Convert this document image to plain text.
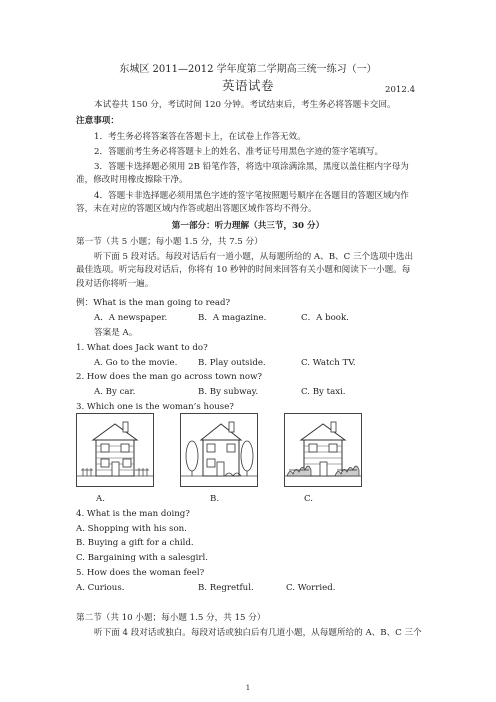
东城区 2011—2012 学年度第二学期高三统一练习（一）
英语试卷	2012.4
本试卷共 150 分，考试时间 120 分钟。考试结束后，考生务必将答题卡交回。
注意事项：
1．考生务必将答案答在答题卡上，在试卷上作答无效。
2．答题前考生务必将答题卡上的姓名、准考证号用黑色字迹的签字笔填写。
3．答题卡选择题必须用 2B 铅笔作答，将选中项涂满涂黑，黑度以盖住框内字母为准，修改时用橡皮擦除干净。
4．答题卡非选择题必须用黑色字迹的签字笔按照题号顺序在各题目的答题区域内作答，未在对应的答题区域内作答或超出答题区域作答均不得分。
第一部分：听力理解（共三节，30 分）
第一节（共 5 小题；每小题 1.5 分，共 7.5 分）
听下面 5 段对话。每段对话后有一道小题，从每题所给的 A、B、C 三个选项中选出最佳选项。听完每段对话后，你将有 10 秒钟的时间来回答有关小题和阅读下一小题。每段对话你将听一遍。
例：What is the man going to read?
A．A newspaper.	B．A magazine.	C．A book.
答案是 A。
1. What does Jack want to do?
A. Go to the movie. B. Play outside.	C. Watch TV.
2. How does the man go across town now?
A. By car.	B. By subway.	C. By taxi.
3. Which one is the woman’s house?
A.	B.	C.
4. What is the man doing?
A. Shopping with his son.
B. Buying a gift for a child.
C. Bargaining with a salesgirl.
5. How does the woman feel?
A. Curious.	B. Regretful.	C. Worried.
第二节（共 10 小题；每小题 1.5 分，共 15 分）
听下面 4 段对话或独白。每段对话或独白后有几道小题，从每题所给的 A、B、C 三个
1
